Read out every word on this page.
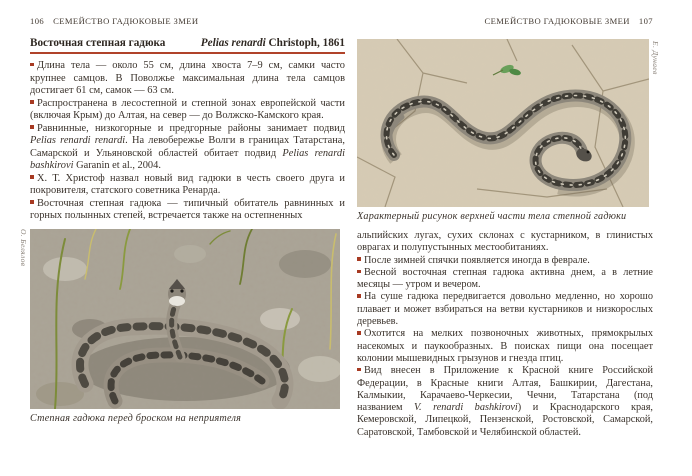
106 СЕМЕЙСТВО ГАДЮКОВЫЕ ЗМЕИ
Восточная степная гадюка	Pelias renardi Christoph, 1861
Длина тела — около 55 см, длина хвоста 7–9 см, самки часто крупнее самцов. В Поволжье максимальная длина тела самцов достигает 61 см, самок — 63 см.
Распространена в лесостепной и степной зонах европейской части (включая Крым) до Алтая, на север — до Волжско-Камского края.
Равнинные, низкогорные и предгорные районы занимает подвид Pelias renardi renardi. На левобережье Волги в границах Татарстана, Самарской и Ульяновской областей обитает подвид Pelias renardi bashkirovi Garanin et al., 2004.
Х. Т. Христоф назвал новый вид гадюки в честь своего друга и покровителя, статского советника Ренарда.
Восточная степная гадюка — типичный обитатель равнинных и горных полынных степей, встречается также на остепненных
О. Белялов
Степная гадюка перед броском на неприятеля
СЕМЕЙСТВО ГАДЮКОВЫЕ ЗМЕИ 107
Е. Дунаев
Характерный рисунок верхней части тела степной гадюки
альпийских лугах, сухих склонах с кустарником, в глинистых оврагах и полупустынных местообитаниях.
После зимней спячки появляется иногда в феврале.
Весной восточная степная гадюка активна днем, а в летние месяцы — утром и вечером.
На суше гадюка передвигается довольно медленно, но хорошо плавает и может взбираться на ветви кустарников и низкорослых деревьев.
Охотится на мелких позвоночных животных, прямокрылых насекомых и паукообразных. В поисках пищи она посещает колонии мышевидных грызунов и гнезда птиц.
Вид внесен в Приложение к Красной книге Российской Федерации, в Красные книги Алтая, Башкирии, Дагестана, Калмыкии, Карачаево-Черкесии, Чечни, Татарстана (под названием V. renardi bashkirovi) и Краснодарского края, Кемеровской, Липецкой, Пензенской, Ростовской, Самарской, Саратовской, Тамбовской и Челябинской областей.
